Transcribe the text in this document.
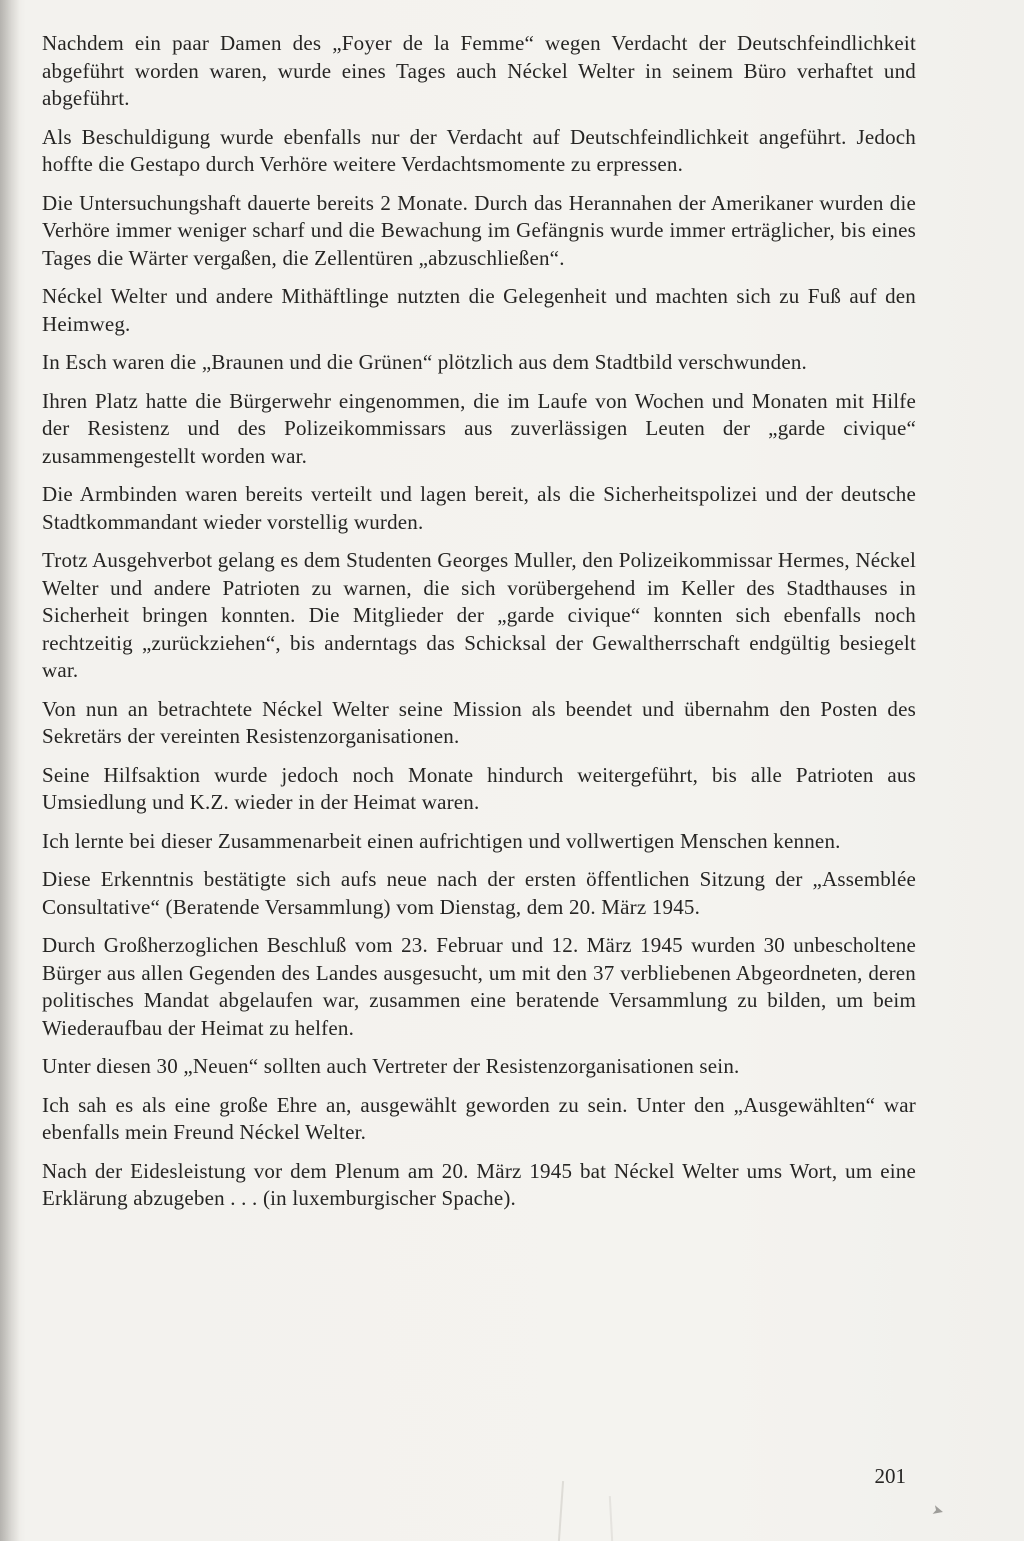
Nachdem ein paar Damen des „Foyer de la Femme“ wegen Verdacht der Deutschfeindlichkeit abgeführt worden waren, wurde eines Tages auch Néckel Welter in seinem Büro verhaftet und abgeführt.

Als Beschuldigung wurde ebenfalls nur der Verdacht auf Deutschfeindlichkeit angeführt. Jedoch hoffte die Gestapo durch Verhöre weitere Verdachtsmomente zu erpressen.

Die Untersuchungshaft dauerte bereits 2 Monate. Durch das Herannahen der Amerikaner wurden die Verhöre immer weniger scharf und die Bewachung im Gefängnis wurde immer erträglicher, bis eines Tages die Wärter vergaßen, die Zellentüren „abzuschließen“.

Néckel Welter und andere Mithäftlinge nutzten die Gelegenheit und machten sich zu Fuß auf den Heimweg.

In Esch waren die „Braunen und die Grünen“ plötzlich aus dem Stadtbild verschwunden.

Ihren Platz hatte die Bürgerwehr eingenommen, die im Laufe von Wochen und Monaten mit Hilfe der Resistenz und des Polizeikommissars aus zuverlässigen Leuten der „garde civique“ zusammengestellt worden war.

Die Armbinden waren bereits verteilt und lagen bereit, als die Sicherheitspolizei und der deutsche Stadtkommandant wieder vorstellig wurden.

Trotz Ausgehverbot gelang es dem Studenten Georges Muller, den Polizeikommissar Hermes, Néckel Welter und andere Patrioten zu warnen, die sich vorübergehend im Keller des Stadthauses in Sicherheit bringen konnten. Die Mitglieder der „garde civique“ konnten sich ebenfalls noch rechtzeitig „zurückziehen“, bis anderntags das Schicksal der Gewaltherrschaft endgültig besiegelt war.

Von nun an betrachtete Néckel Welter seine Mission als beendet und übernahm den Posten des Sekretärs der vereinten Resistenzorganisationen.

Seine Hilfsaktion wurde jedoch noch Monate hindurch weitergeführt, bis alle Patrioten aus Umsiedlung und K.Z. wieder in der Heimat waren.

Ich lernte bei dieser Zusammenarbeit einen aufrichtigen und vollwertigen Menschen kennen.

Diese Erkenntnis bestätigte sich aufs neue nach der ersten öffentlichen Sitzung der „Assemblée Consultative“ (Beratende Versammlung) vom Dienstag, dem 20. März 1945.

Durch Großherzoglichen Beschluß vom 23. Februar und 12. März 1945 wurden 30 unbescholtene Bürger aus allen Gegenden des Landes ausgesucht, um mit den 37 verbliebenen Abgeordneten, deren politisches Mandat abgelaufen war, zusammen eine beratende Versammlung zu bilden, um beim Wiederaufbau der Heimat zu helfen.

Unter diesen 30 „Neuen“ sollten auch Vertreter der Resistenzorganisationen sein.

Ich sah es als eine große Ehre an, ausgewählt geworden zu sein. Unter den „Ausgewählten“ war ebenfalls mein Freund Néckel Welter.

Nach der Eidesleistung vor dem Plenum am 20. März 1945 bat Néckel Welter ums Wort, um eine Erklärung abzugeben . . . (in luxemburgischer Spache).

201
➤
